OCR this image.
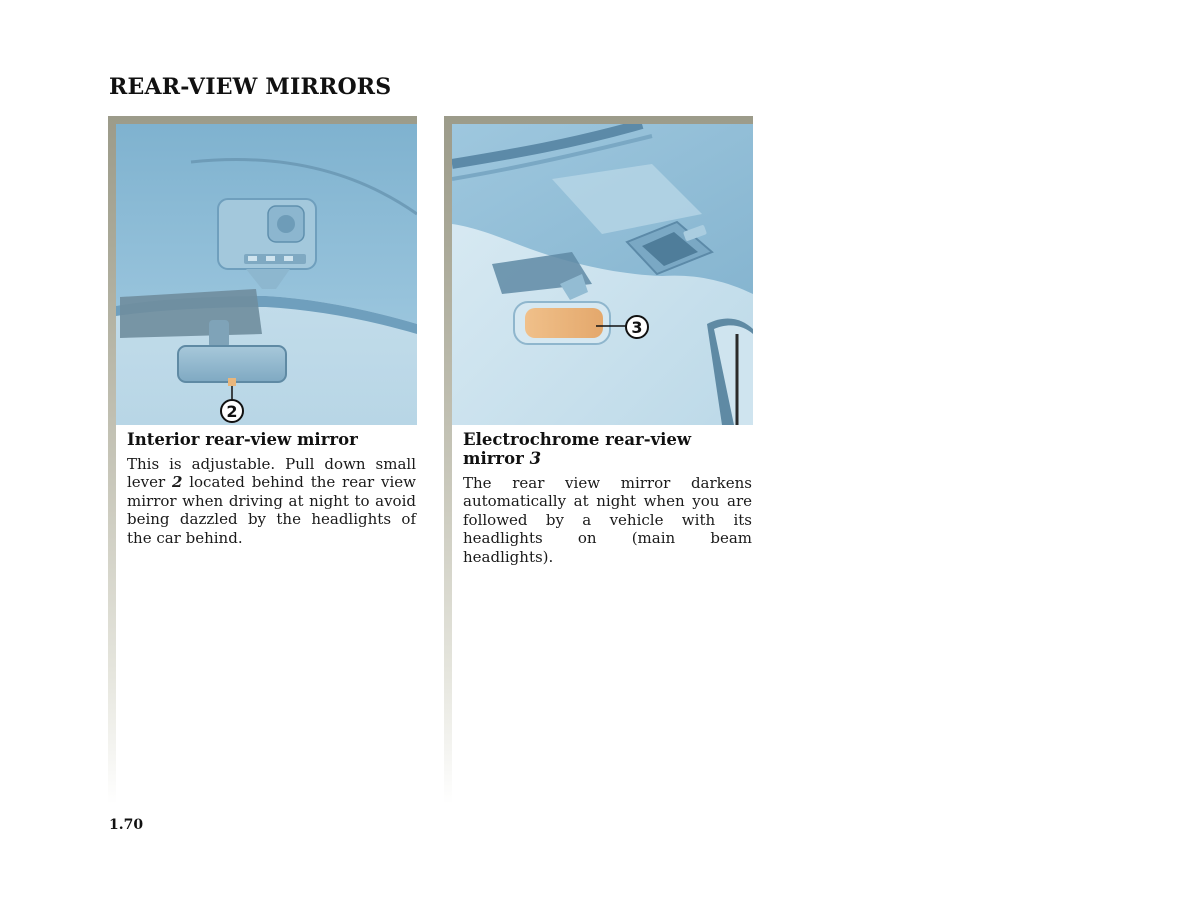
REAR-VIEW MIRRORS
2
Interior rear-view mirror

This is adjustable. Pull down small lever 2 located behind the rear view mirror when driving at night to avoid being dazzled by the headlights of the car behind.

3
Electrochrome rear-view mirror 3

The rear view mirror darkens automatically at night when you are followed by a vehicle with its headlights on (main beam headlights).

1.70
